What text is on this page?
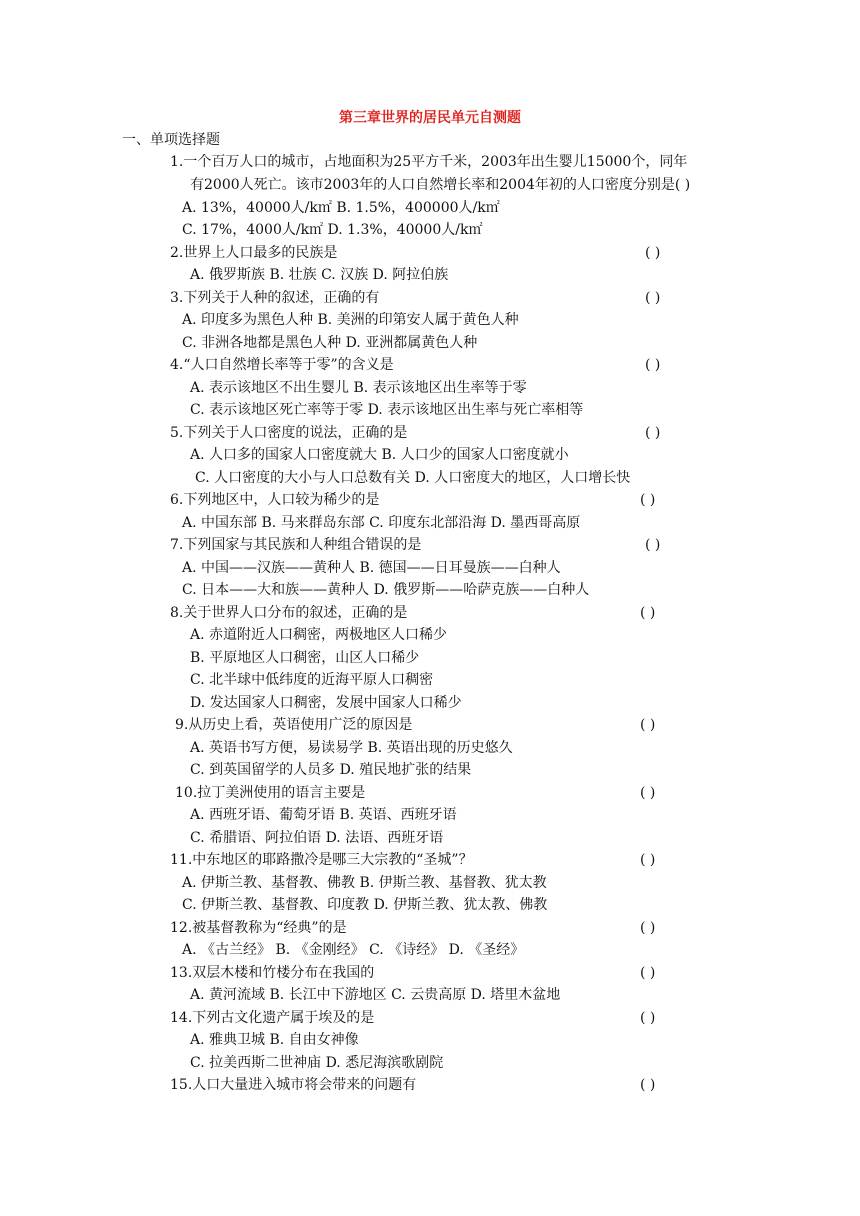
第三章世界的居民单元自测题
一、单项选择题
1.一个百万人口的城市，占地面积为25平方千米，2003年出生婴儿15000个，同年
有2000人死亡。该市2003年的人口自然增长率和2004年初的人口密度分别是( )
A. 13%，40000人/k㎡ B. 1.5%，400000人/k㎡
C. 17%，4000人/k㎡ D. 1.3%，40000人/k㎡
2.世界上人口最多的民族是	( )
A. 俄罗斯族 B. 壮族 C. 汉族 D. 阿拉伯族
3.下列关于人种的叙述，正确的有	( )
A. 印度多为黑色人种 B. 美洲的印第安人属于黄色人种
C. 非洲各地都是黑色人种 D. 亚洲都属黄色人种
4.“人口自然增长率等于零”的含义是	( )
A. 表示该地区不出生婴儿 B. 表示该地区出生率等于零
C. 表示该地区死亡率等于零 D. 表示该地区出生率与死亡率相等
5.下列关于人口密度的说法，正确的是	( )
A. 人口多的国家人口密度就大 B. 人口少的国家人口密度就小
C. 人口密度的大小与人口总数有关 D. 人口密度大的地区，人口增长快
6.下列地区中，人口较为稀少的是	( )
A. 中国东部 B. 马来群岛东部 C. 印度东北部沿海 D. 墨西哥高原
7.下列国家与其民族和人种组合错误的是	( )
A. 中国——汉族——黄种人 B. 德国——日耳曼族——白种人
C. 日本——大和族——黄种人 D. 俄罗斯——哈萨克族——白种人
8.关于世界人口分布的叙述，正确的是	( )
A. 赤道附近人口稠密，两极地区人口稀少
B. 平原地区人口稠密，山区人口稀少
C. 北半球中低纬度的近海平原人口稠密
D. 发达国家人口稠密，发展中国家人口稀少
9.从历史上看，英语使用广泛的原因是	( )
A. 英语书写方便，易读易学 B. 英语出现的历史悠久
C. 到英国留学的人员多 D. 殖民地扩张的结果
10.拉丁美洲使用的语言主要是	( )
A. 西班牙语、葡萄牙语 B. 英语、西班牙语
C. 希腊语、阿拉伯语 D. 法语、西班牙语
11.中东地区的耶路撒冷是哪三大宗教的“圣城”？	( )
A. 伊斯兰教、基督教、佛教 B. 伊斯兰教、基督教、犹太教
C. 伊斯兰教、基督教、印度教 D. 伊斯兰教、犹太教、佛教
12.被基督教称为“经典”的是	( )
A. 《古兰经》 B. 《金刚经》 C. 《诗经》 D. 《圣经》
13.双层木楼和竹楼分布在我国的	( )
A. 黄河流域 B. 长江中下游地区 C. 云贵高原 D. 塔里木盆地
14.下列古文化遗产属于埃及的是	( )
A. 雅典卫城 B. 自由女神像
C. 拉美西斯二世神庙 D. 悉尼海滨歌剧院
15.人口大量进入城市将会带来的问题有	( )
